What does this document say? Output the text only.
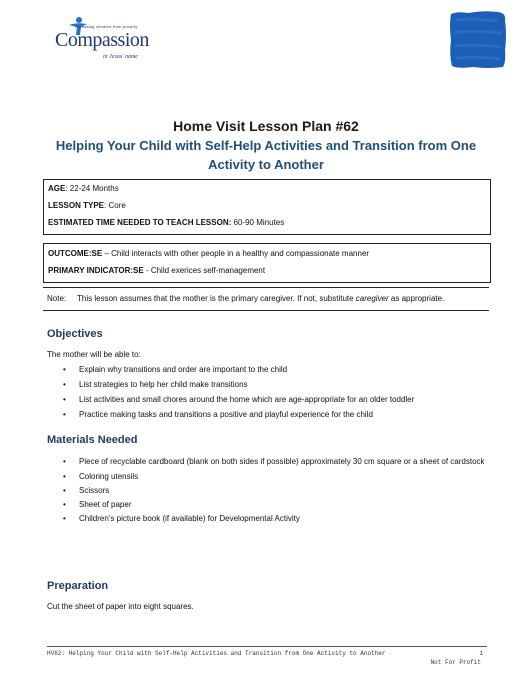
Releasing children from poverty
Compassion
in Jesus' name
Home Visit Lesson Plan #62
Helping Your Child with Self-Help Activities and Transition from One
Activity to Another
AGE: 22-24 Months
LESSON TYPE: Core
ESTIMATED TIME NEEDED TO TEACH LESSON: 60-90 Minutes
OUTCOME:SE – Child interacts with other people in a healthy and compassionate manner
PRIMARY INDICATOR:SE - Child exerices self-management
Note: This lesson assumes that the mother is the primary caregiver. If not, substitute caregiver as appropriate.
Objectives
The mother will be able to:
• Explain why transitions and order are important to the child
• List strategies to help her child make transitions
• List activities and small chores around the home which are age-appropriate for an older toddler
• Practice making tasks and transitions a positive and playful experience for the child
Materials Needed
• Piece of recyclable cardboard (blank on both sides if possible) approximately 30 cm square or a sheet of cardstock
• Coloring utensils
• Scissors
• Sheet of paper
• Children’s picture book (if available) for Developmental Activity
Preparation
Cut the sheet of paper into eight squares.
HV62: Helping Your Child with Self-Help Activities and Transition from One Activity to Another	1
Not For Profit
